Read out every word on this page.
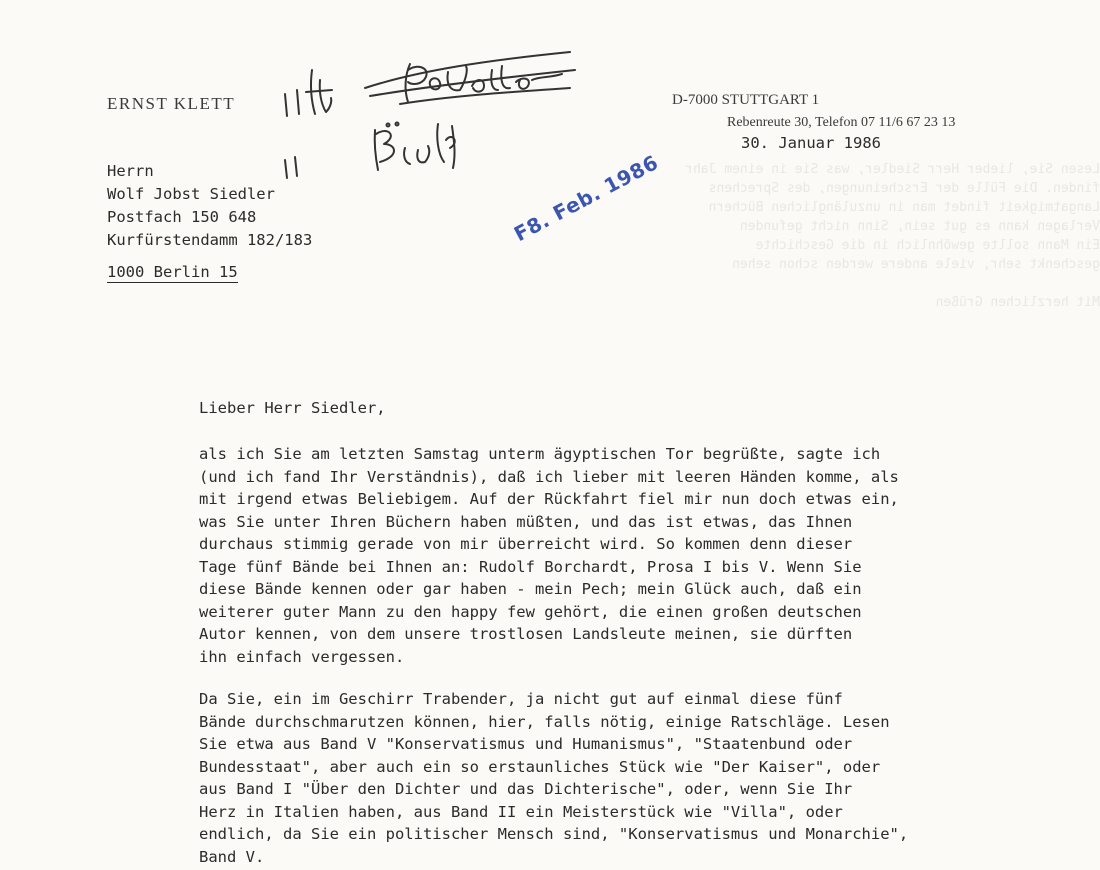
Lesen Sie, lieber Herr Siedler, was Sie in einem Jahr
finden. Die Fülle der Erscheinungen, des Sprechens
Langatmigkeit findet man in unzulänglichen Büchern
Verlagen kann es gut sein, Sinn nicht gefunden
Ein Mann sollte gewöhnlich in die Geschichte
geschenkt sehr, viele andere werden schon sehen

Mit herzlichen Grüßen
ERNST KLETT	D-7000 STUTTGART 1
Rebenreute 30, Telefon 07 11/6 67 23 13
30. Januar 1986
Herrn
Wolf Jobst Siedler
Postfach 150 648
Kurfürstendamm 182/183
1000 Berlin 15
F8. Feb. 1986
Lieber Herr Siedler,
als ich Sie am letzten Samstag unterm ägyptischen Tor begrüßte, sagte ich
(und ich fand Ihr Verständnis), daß ich lieber mit leeren Händen komme, als
mit irgend etwas Beliebigem. Auf der Rückfahrt fiel mir nun doch etwas ein,
was Sie unter Ihren Büchern haben müßten, und das ist etwas, das Ihnen
durchaus stimmig gerade von mir überreicht wird. So kommen denn dieser
Tage fünf Bände bei Ihnen an: Rudolf Borchardt, Prosa I bis V. Wenn Sie
diese Bände kennen oder gar haben - mein Pech; mein Glück auch, daß ein
weiterer guter Mann zu den happy few gehört, die einen großen deutschen
Autor kennen, von dem unsere trostlosen Landsleute meinen, sie dürften
ihn einfach vergessen.
Da Sie, ein im Geschirr Trabender, ja nicht gut auf einmal diese fünf
Bände durchschmarutzen können, hier, falls nötig, einige Ratschläge. Lesen
Sie etwa aus Band V "Konservatismus und Humanismus", "Staatenbund oder
Bundesstaat", aber auch ein so erstaunliches Stück wie "Der Kaiser", oder
aus Band I "Über den Dichter und das Dichterische", oder, wenn Sie Ihr
Herz in Italien haben, aus Band II ein Meisterstück wie "Villa", oder
endlich, da Sie ein politischer Mensch sind, "Konservatismus und Monarchie",
Band V.
